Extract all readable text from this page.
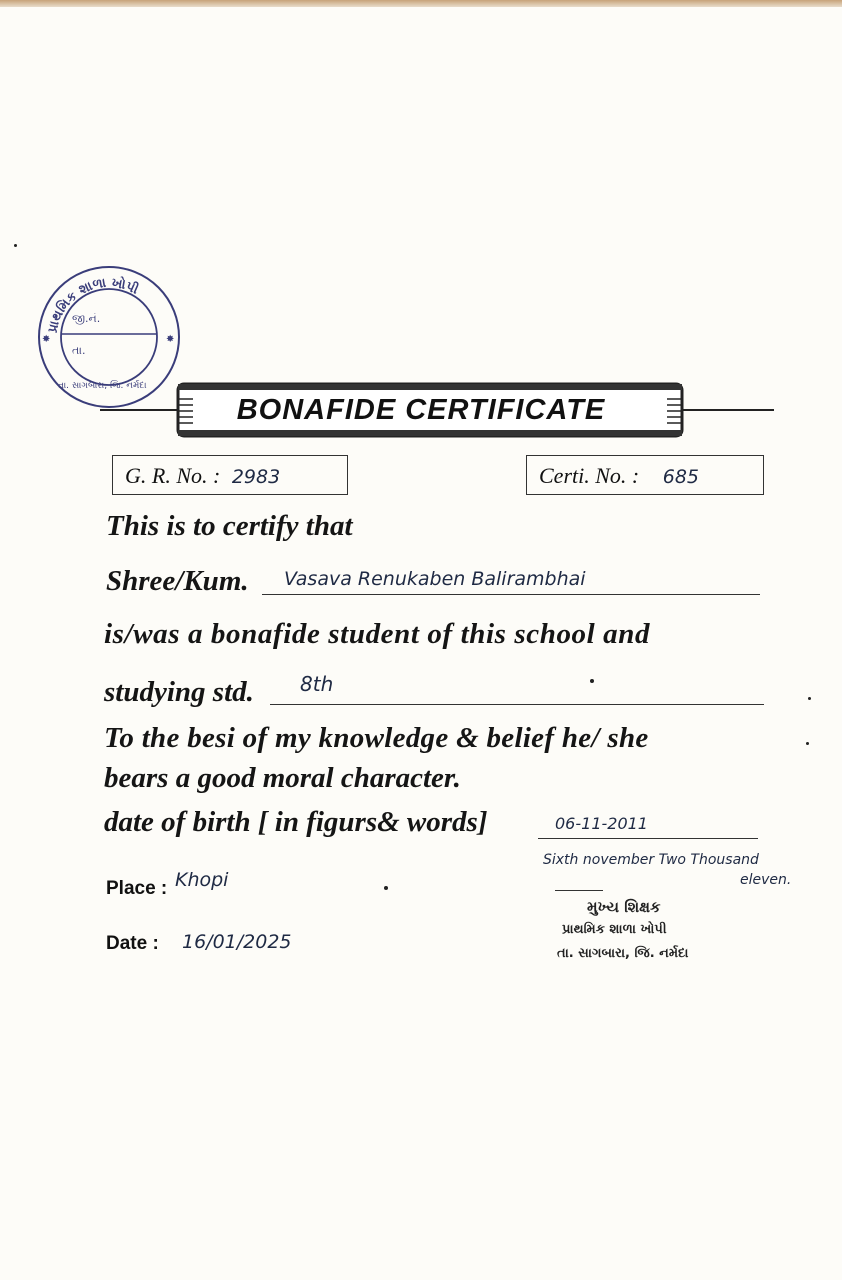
પ્રાથમિક શાળા ખોપી
જી.નં.
તા.
તા. સાગબારા, જિ. નર્મદા
✸	✸
BONAFIDE CERTIFICATE
G. R. No. : 2983	Certi. No. : 685
This is to certify that
Shree/Kum. Vasava Renukaben Balirambhai
is/was a bonafide student of this school and
studying std. 8th
To the besi of my knowledge & belief he/ she
bears a good moral character.
date of birth [ in figurs& words]	06-11-2011
Sixth november Two Thousand
eleven.
Place : Khopi
Date : 16/01/2025
મુખ્ય શિક્ષક
પ્રાથમિક શાળા ખોપી
તા. સાગબારા, જિ. નર્મદા
